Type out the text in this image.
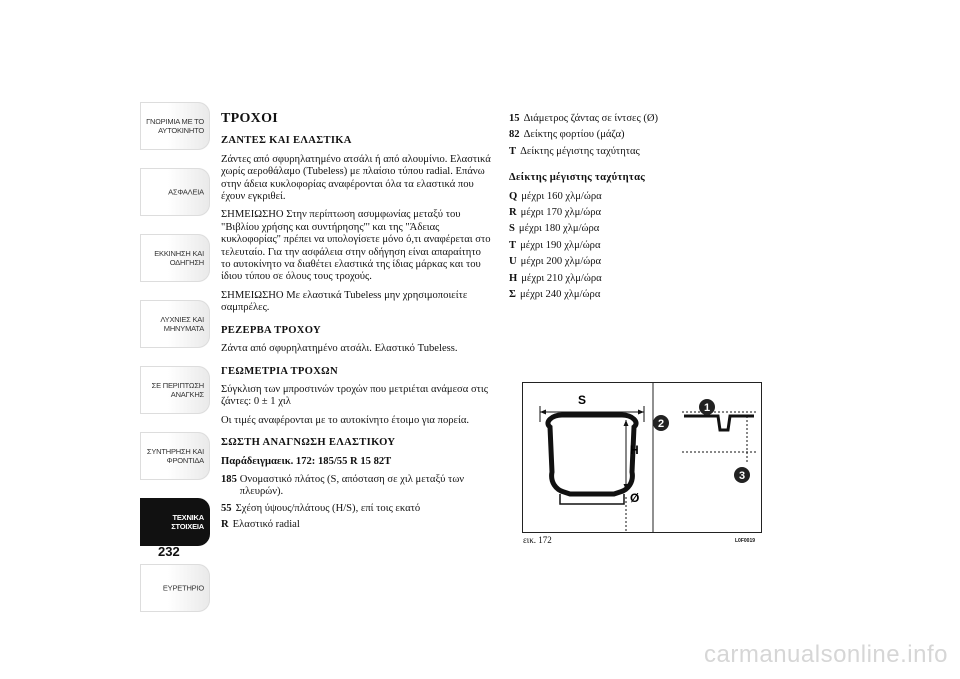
ΓΝΩΡΙΜΙΑ ΜΕ ΤΟ
ΑΥΤΟΚΙΝΗΤΟ
ΑΣΦΑΛΕΙΑ
ΕΚΚΙΝΗΣΗ ΚΑΙ
ΟΔΗΓΗΣΗ
ΛΥΧΝΙΕΣ ΚΑΙ
ΜΗΝΥΜΑΤΑ
ΣΕ ΠΕΡΙΠΤΩΣΗ
ΑΝΑΓΚΗΣ
ΣΥΝΤΗΡΗΣΗ ΚΑΙ
ΦΡΟΝΤΙΔΑ
ΤΕΧΝΙΚΑ
ΣΤΟΙΧΕΙΑ
ΕΥΡΕΤΗΡΙΟ
232
ΤΡΟΧΟΙ
ΖΑΝΤΕΣ ΚΑΙ ΕΛΑΣΤΙΚΑ

Ζάντες από σφυρηλατημένο ατσάλι ή από αλουμίνιο. Ελαστικά χωρίς αεροθάλαμο (Tubeless) με πλαίσιο τύπου radial. Επάνω στην άδεια κυκλοφορίας αναφέρονται όλα τα ελαστικά που έχουν εγκριθεί.

ΣΗΜΕΙΩΣΗΟ Στην περίπτωση ασυμφωνίας μεταξύ του "Βιβλίου χρήσης και συντήρησης"' και της "Άδειας κυκλοφορίας" πρέπει να υπολογίσετε μόνο ό,τι αναφέρεται στο τελευταίο. Για την ασφάλεια στην οδήγηση είναι απαραίτητο το αυτοκίνητο να διαθέτει ελαστικά της ίδιας μάρκας και του ίδιου τύπου σε όλους τους τροχούς.

ΣΗΜΕΙΩΣΗΟ Με ελαστικά Tubeless μην χρησιμοποιείτε σαμπρέλες.

ΡΕΖΕΡΒΑ ΤΡΟΧΟΥ

Ζάντα από σφυρηλατημένο ατσάλι. Ελαστικό Tubeless.

ΓΕΩΜΕΤΡΙΑ ΤΡΟΧΩΝ

Σύγκλιση των μπροστινών τροχών που μετριέται ανάμεσα στις ζάντες: 0 ± 1 χιλ

Οι τιμές αναφέρονται με το αυτοκίνητο έτοιμο για πορεία.

ΣΩΣΤΗ ΑΝΑΓΝΩΣΗ ΕΛΑΣΤΙΚΟΥ

Παράδειγμαεικ. 172: 185/55 R 15 82T

185 Ονομαστικό πλάτος (S, απόσταση σε χιλ μεταξύ των πλευρών).
55 Σχέση ύψους/πλάτους (H/S), επί τοις εκατό
R Ελαστικό radial
15 Διάμετρος ζάντας σε ίντσες (Ø)
82 Δείκτης φορτίου (μάζα)
T Δείκτης μέγιστης ταχύτητας
Δείκτης μέγιστης ταχύτητας
Q μέχρι 160 χλμ/ώρα
R μέχρι 170 χλμ/ώρα
S μέχρι 180 χλμ/ώρα
T μέχρι 190 χλμ/ώρα
U μέχρι 200 χλμ/ώρα
H μέχρι 210 χλμ/ώρα
Σ μέχρι 240 χλμ/ώρα
S
H
Ø
1
2
3
εικ. 172	L0F0019
carmanualsonline.info
